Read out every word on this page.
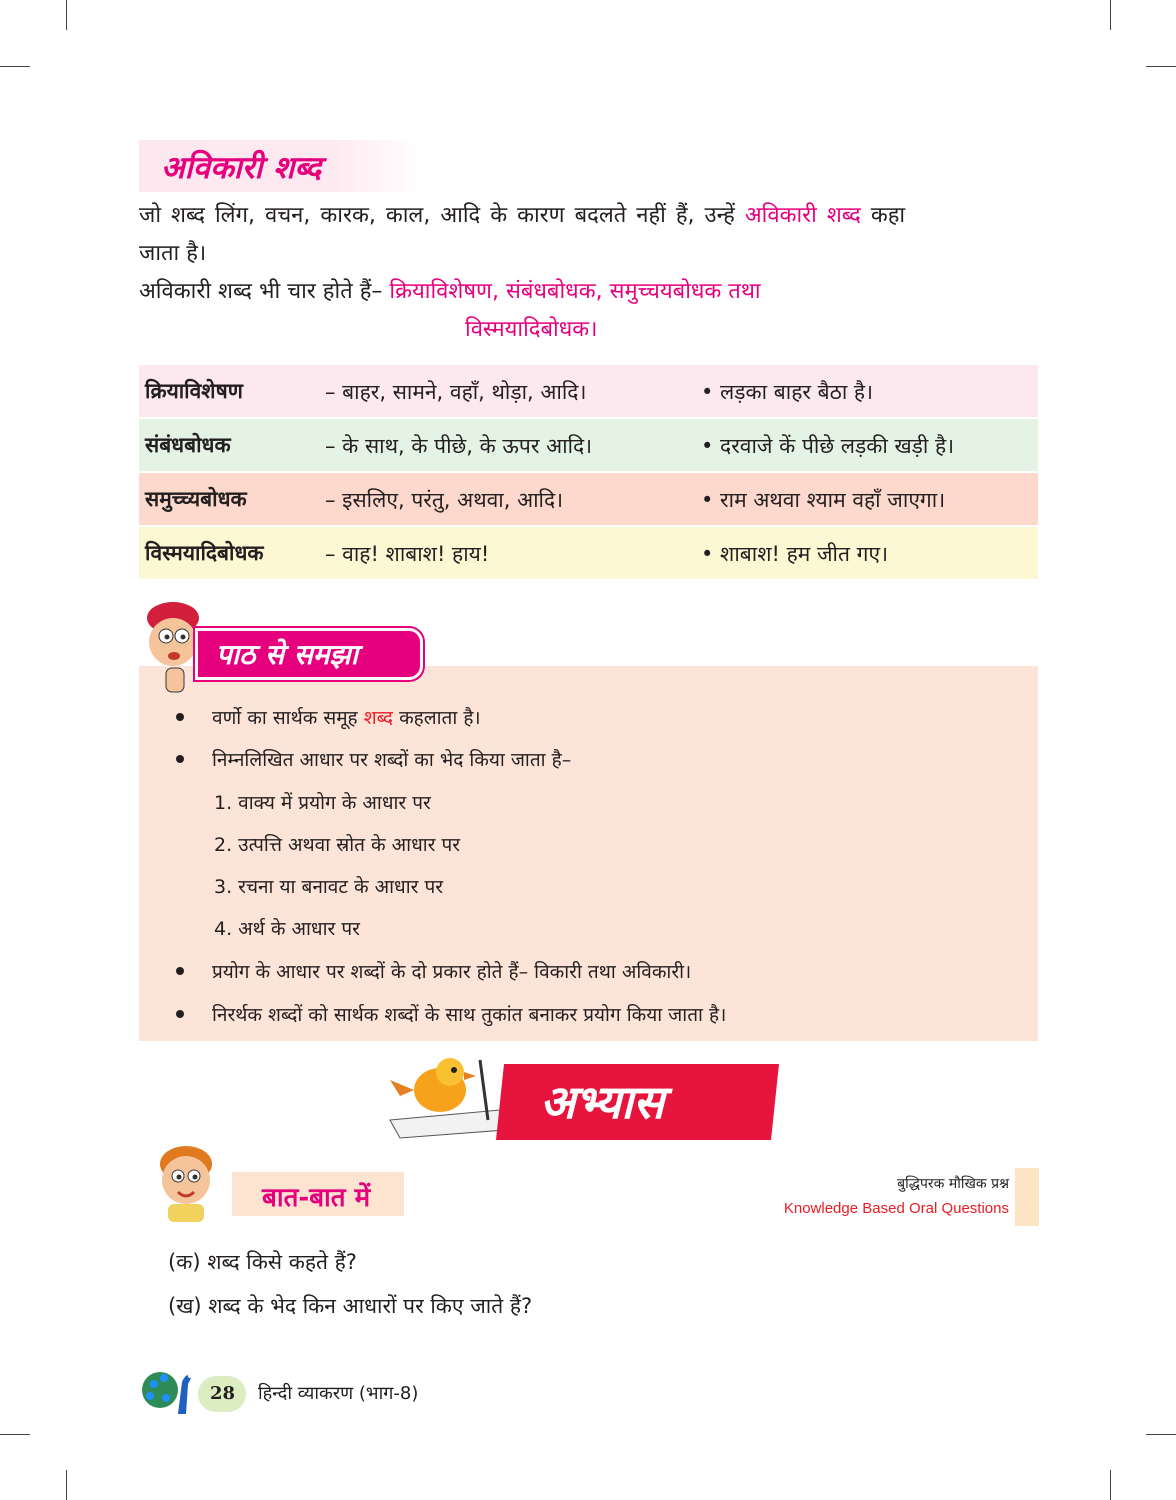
अविकारी शब्द
जो शब्द लिंग, वचन, कारक, काल, आदि के कारण बदलते नहीं हैं, उन्हें अविकारी शब्द कहा
जाता है।
अविकारी शब्द भी चार होते हैं– क्रियाविशेषण, संबंधबोधक, समुच्चयबोधक तथा
विस्मयादिबोधक।
क्रियाविशेषण	– बाहर, सामने, वहाँ, थोड़ा, आदि।	• लड़का बाहर बैठा है।
संबंधबोधक	– के साथ, के पीछे, के ऊपर आदि।	• दरवाजे कें पीछे लड़की खड़ी है।
समुच्च्यबोधक	– इसलिए, परंतु, अथवा, आदि।	• राम अथवा श्याम वहाँ जाएगा।
विस्मयादिबोधक	– वाह! शाबाश! हाय!	• शाबाश! हम जीत गए।
पाठ से समझा
वर्णो का सार्थक समूह शब्द कहलाता है।
निम्नलिखित आधार पर शब्दों का भेद किया जाता है–
1. वाक्य में प्रयोग के आधार पर
2. उत्पत्ति अथवा स्रोत के आधार पर
3. रचना या बनावट के आधार पर
4. अर्थ के आधार पर
प्रयोग के आधार पर शब्दों के दो प्रकार होते हैं– विकारी तथा अविकारी।
निरर्थक शब्दों को सार्थक शब्दों के साथ तुकांत बनाकर प्रयोग किया जाता है।
अभ्यास
बात-बात में	बुद्धिपरक मौखिक प्रश्न
Knowledge Based Oral Questions
(क) शब्द किसे कहते हैं?
(ख) शब्द के भेद किन आधारों पर किए जाते हैं?
28 हिन्दी व्याकरण (भाग-8)
